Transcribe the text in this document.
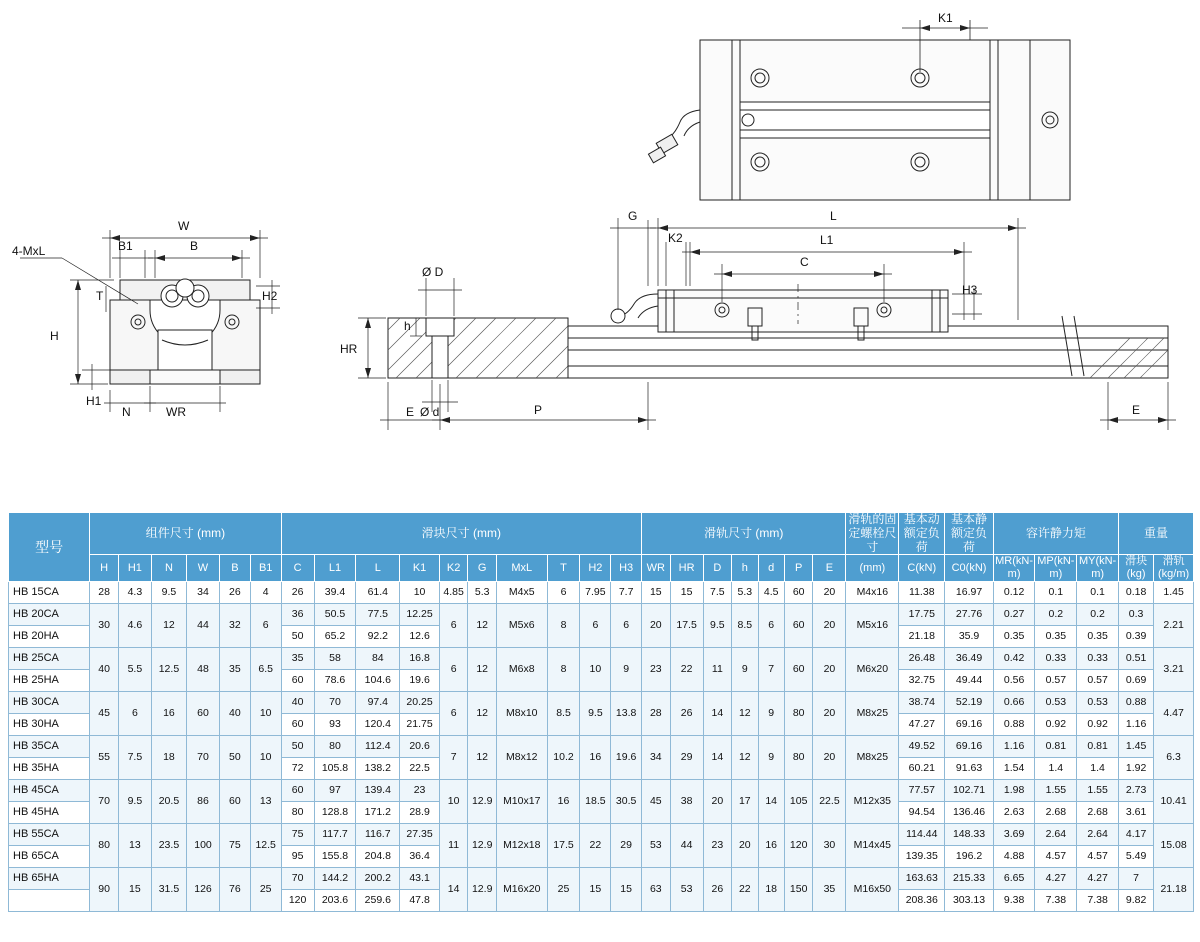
K1
W
B1	B
H
H1
T	H2
N	WR
4-MxL
G	L
K2	L1
C
H3
HR
h
Ø D
Ø d
E	P	E
型号	组件尺寸 (mm)						滑块尺寸 (mm)										滑轨尺寸 (mm)							滑轨的固定螺栓尺寸	基本动额定负荷	基本静额定负荷	容许静力矩			重量	
	H	H1	N	W	B	B1	C	L1	L	K1	K2	G	MxL	T	H2	H3	WR	HR	D	h	d	P	E	(mm)	C(kN)	C0(kN)	MR(kN-m)	MP(kN-m)	MY(kN-m)	滑块(kg)	滑轨(kg/m)
HB 15CA	28	4.3	9.5	34	26	4	26	39.4	61.4	10	4.85	5.3	M4x5	6	7.95	7.7	15	15	7.5	5.3	4.5	60	20	M4x16	11.38	16.97	0.12	0.1	0.1	0.18	1.45
HB 20CA	30	4.6	12	44	32	6	36	50.5	77.5	12.25	6	12	M5x6	8	6	6	20	17.5	9.5	8.5	6	60	20	M5x16	17.75	27.76	0.27	0.2	0.2	0.3	2.21
HB 20HA							50	65.2	92.2	12.6															21.18	35.9	0.35	0.35	0.35	0.39	
HB 25CA	40	5.5	12.5	48	35	6.5	35	58	84	16.8	6	12	M6x8	8	10	9	23	22	11	9	7	60	20	M6x20	26.48	36.49	0.42	0.33	0.33	0.51	3.21
HB 25HA							60	78.6	104.6	19.6															32.75	49.44	0.56	0.57	0.57	0.69	
HB 30CA	45	6	16	60	40	10	40	70	97.4	20.25	6	12	M8x10	8.5	9.5	13.8	28	26	14	12	9	80	20	M8x25	38.74	52.19	0.66	0.53	0.53	0.88	4.47
HB 30HA							60	93	120.4	21.75															47.27	69.16	0.88	0.92	0.92	1.16	
HB 35CA	55	7.5	18	70	50	10	50	80	112.4	20.6	7	12	M8x12	10.2	16	19.6	34	29	14	12	9	80	20	M8x25	49.52	69.16	1.16	0.81	0.81	1.45	6.3
HB 35HA							72	105.8	138.2	22.5															60.21	91.63	1.54	1.4	1.4	1.92	
HB 45CA	70	9.5	20.5	86	60	13	60	97	139.4	23	10	12.9	M10x17	16	18.5	30.5	45	38	20	17	14	105	22.5	M12x35	77.57	102.71	1.98	1.55	1.55	2.73	10.41
HB 45HA							80	128.8	171.2	28.9															94.54	136.46	2.63	2.68	2.68	3.61	
HB 55CA	80	13	23.5	100	75	12.5	75	117.7	116.7	27.35	11	12.9	M12x18	17.5	22	29	53	44	23	20	16	120	30	M14x45	114.44	148.33	3.69	2.64	2.64	4.17	15.08
HB 65CA							95	155.8	204.8	36.4															139.35	196.2	4.88	4.57	4.57	5.49	
HB 65HA	90	15	31.5	126	76	25	70	144.2	200.2	43.1	14	12.9	M16x20	25	15	15	63	53	26	22	18	150	35	M16x50	163.63	215.33	6.65	4.27	4.27	7	21.18
							120	203.6	259.6	47.8															208.36	303.13	9.38	7.38	7.38	9.82	
